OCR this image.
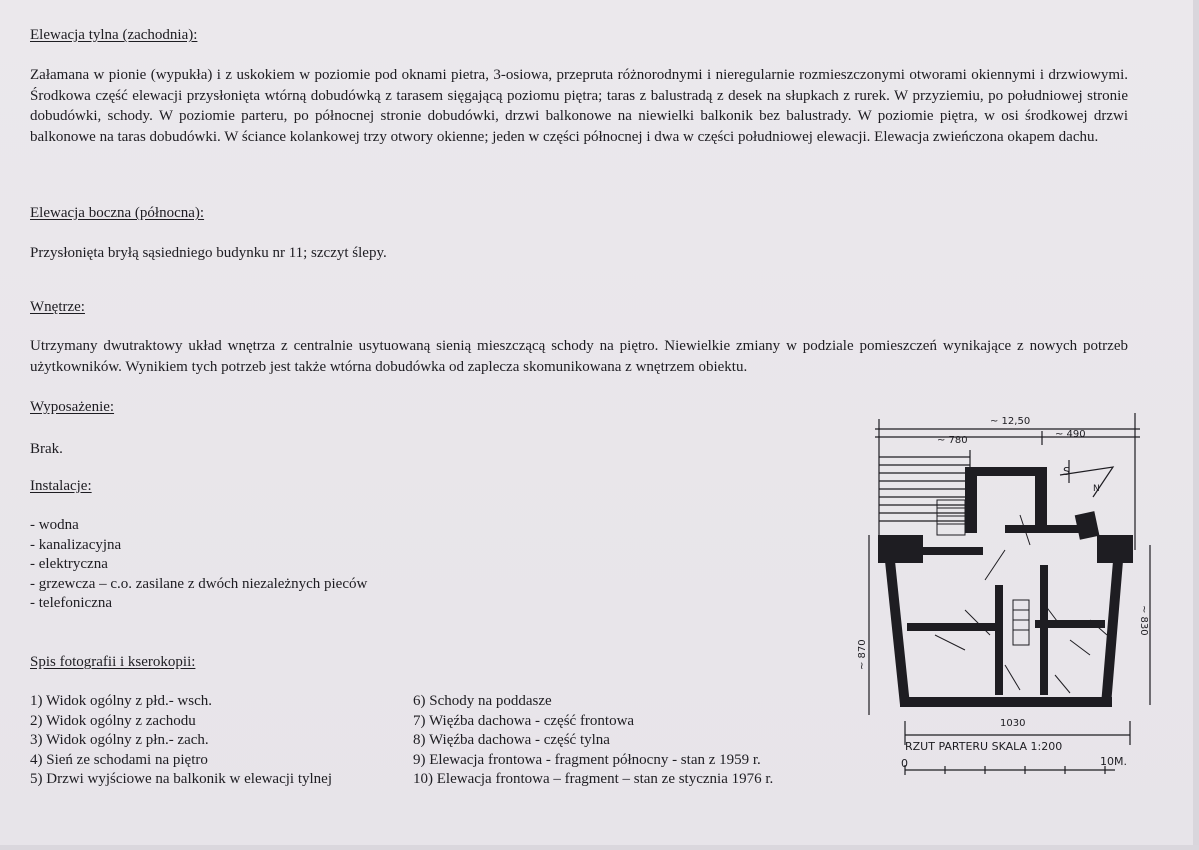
Elewacja tylna (zachodnia):
Załamana w pionie (wypukła) i z uskokiem w poziomie pod oknami pietra, 3-osiowa, przepruta różnorodnymi i nieregularnie rozmieszczonymi otworami okiennymi i drzwiowymi. Środkowa część elewacji przysłonięta wtórną dobudówką z tarasem sięgającą poziomu piętra; taras z balustradą z desek na słupkach z rurek. W przyziemiu, po południowej stronie dobudówki, schody. W poziomie parteru, po północnej stronie dobudówki, drzwi balkonowe na niewielki balkonik bez balustrady. W poziomie piętra, w osi środkowej drzwi balkonowe na taras dobudówki. W ściance kolankowej trzy otwory okienne; jeden w części północnej i dwa w części południowej elewacji. Elewacja zwieńczona okapem dachu.
Elewacja boczna (północna):
Przysłonięta bryłą sąsiedniego budynku nr 11; szczyt ślepy.
Wnętrze:
Utrzymany dwutraktowy układ wnętrza z centralnie usytuowaną sienią mieszczącą schody na piętro. Niewielkie zmiany w podziale pomieszczeń wynikające z nowych potrzeb użytkowników. Wynikiem tych potrzeb jest także wtórna dobudówka od zaplecza skomunikowana z wnętrzem obiektu.
Wyposażenie:
Brak.
Instalacje:
- wodna
- kanalizacyjna
- elektryczna
- grzewcza – c.o. zasilane z dwóch niezależnych pieców
- telefoniczna
Spis fotografii i kserokopii:
1) Widok ogólny z płd.- wsch.
2) Widok ogólny z zachodu
3) Widok ogólny z płn.- zach.
4) Sień ze schodami na piętro
5) Drzwi wyjściowe na balkonik w elewacji tylnej
6) Schody na poddasze
7) Więźba dachowa - część frontowa
8) Więźba dachowa - część tylna
9) Elewacja frontowa - fragment północny - stan z 1959 r.
10) Elewacja frontowa – fragment – stan ze stycznia 1976 r.
~ 12,50
~ 780
~ 490
1030
~ 870
~ 830
S
N
RZUT PARTERU SKALA 1:200
0	10M.
